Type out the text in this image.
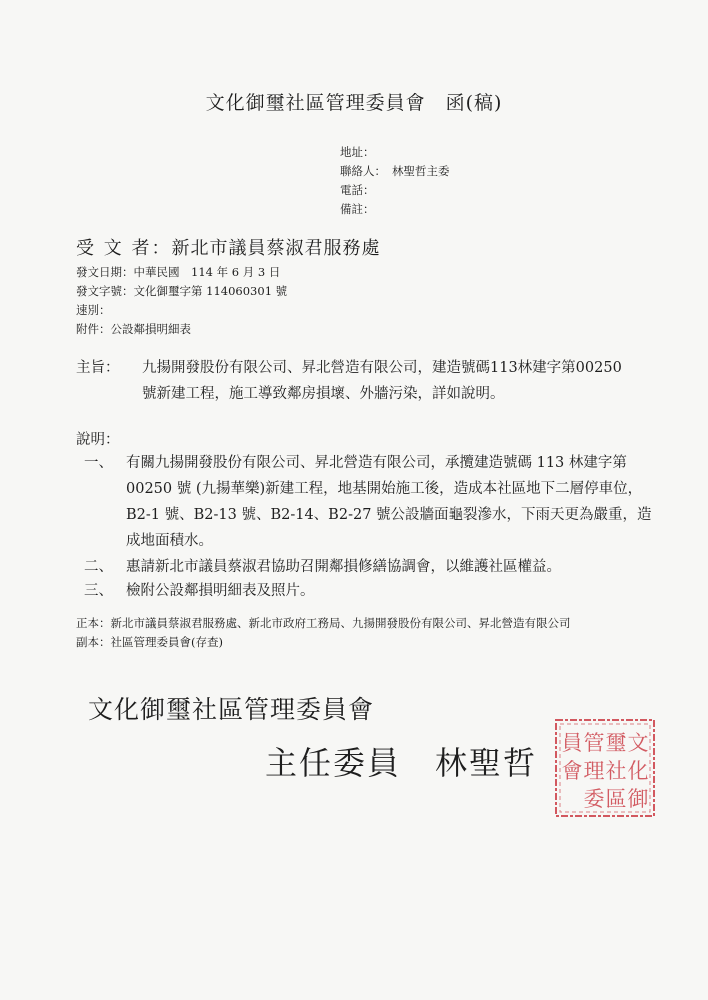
文化御璽社區管理委員會　函(稿)
地址：
聯絡人： 林聖哲主委
電話：
備註：
受 文 者：新北市議員蔡淑君服務處
發文日期：中華民國　114 年 6 月 3 日
發文字號：文化御璽字第 114060301 號
速別：
附件：公設鄰損明細表
主旨： 九揚開發股份有限公司、昇北營造有限公司，建造號碼113林建字第00250號新建工程，施工導致鄰房損壞、外牆污染，詳如說明。
說明：
一、 有關九揚開發股份有限公司、昇北營造有限公司，承攬建造號碼 113 林建字第 00250 號 (九揚華樂)新建工程，地基開始施工後，造成本社區地下二層停車位，B2-1 號、B2-13 號、B2-14、B2-27 號公設牆面龜裂滲水，下雨天更為嚴重，造成地面積水。
二、 惠請新北市議員蔡淑君協助召開鄰損修繕協調會，以維護社區權益。
三、 檢附公設鄰損明細表及照片。
正本： 新北市議員蔡淑君服務處、新北市政府工務局、九揚開發股份有限公司、昇北營造有限公司
副本： 社區管理委員會(存查)
文化御璽社區管理委員會
主任委員　林聖哲
文
化
御
璽
社
區
管
理
委
員
會
